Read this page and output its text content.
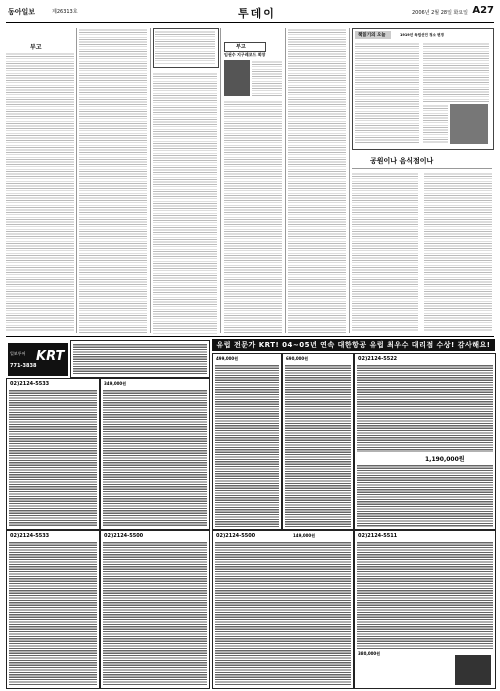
동아일보	제26313호	투데이	2006년 2월 28일 화요일 A27
부고	부고
임권수 지구레코드 회장
책읽기의 오늘	1919년 독립선언 정소 변경
공원이나 음식점이나
일보투어 KRT
771-3838
유럽 전문가 KRT! 04~05년 연속 대한항공 유럽 최우수 대리점 수상! 감사해요!
02)2124-5533	349,000원
499,000원	690,000원	02)2124-5522
1,190,000원
02)2124-5533	02)2124-5500	02)2124-5500	149,000원	02)2124-5511
380,000원
